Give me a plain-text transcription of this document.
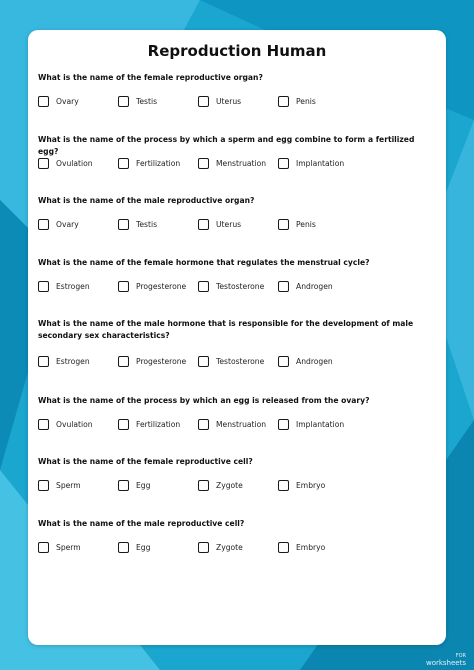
Reproduction Human
What is the name of the female reproductive organ?
Ovary	Testis	Uterus	Penis
What is the name of the process by which a sperm and egg combine to form a fertilized egg?
Ovulation	Fertilization	Menstruation	Implantation
What is the name of the male reproductive organ?
Ovary	Testis	Uterus	Penis
What is the name of the female hormone that regulates the menstrual cycle?
Estrogen	Progesterone	Testosterone	Androgen
What is the name of the male hormone that is responsible for the development of male secondary sex characteristics?
Estrogen	Progesterone	Testosterone	Androgen
What is the name of the process by which an egg is released from the ovary?
Ovulation	Fertilization	Menstruation	Implantation
What is the name of the female reproductive cell?
Sperm	Egg	Zygote	Embryo
What is the name of the male reproductive cell?
Sperm	Egg	Zygote	Embryo
FOR
worksheets
